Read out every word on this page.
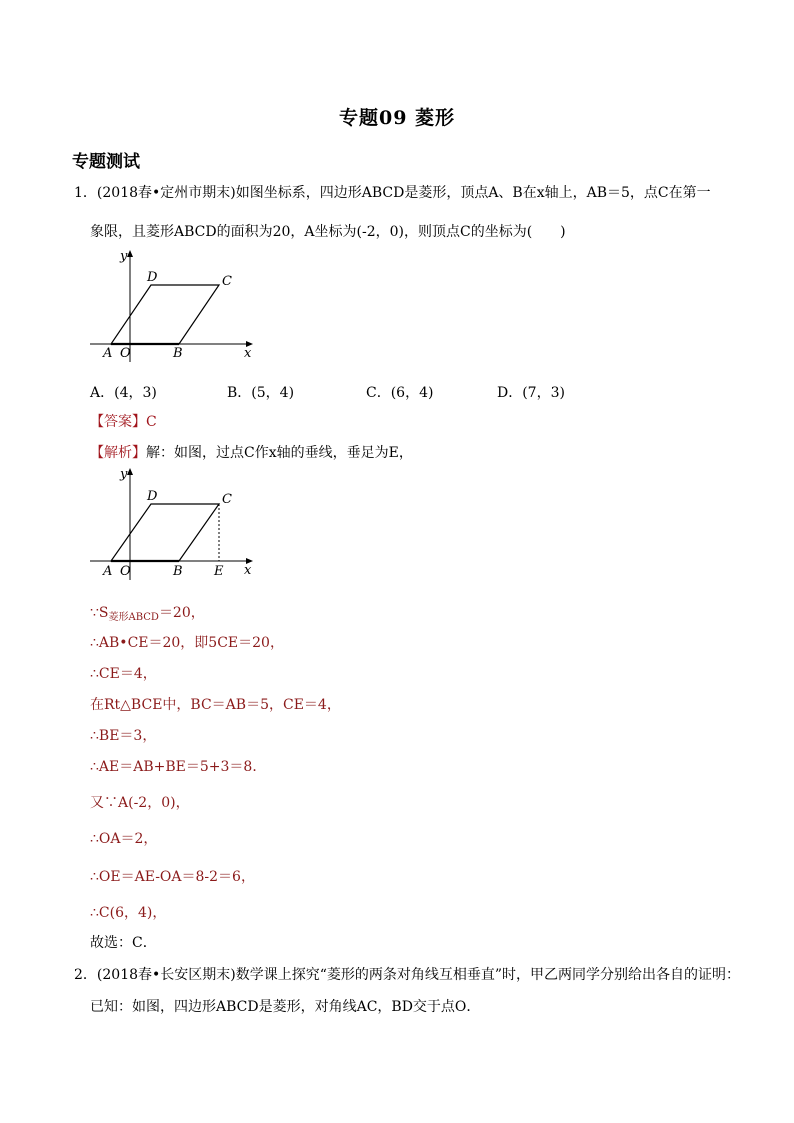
专题09 菱形
专题测试
1．(2018春•定州市期末)如图坐标系，四边形ABCD是菱形，顶点A、B在x轴上，AB＝5，点C在第一
象限，且菱形ABCD的面积为20，A坐标为(-2，0)，则顶点C的坐标为(　　)
y
x
D	C
A O	B
A．(4，3)	B．(5，4)	C．(6，4)	D．(7，3)
【答案】C
【解析】解：如图，过点C作x轴的垂线，垂足为E，
y
x
D	C
A O	B E
$\because S_{菱形ABCD}=20$，
∴AB•CE＝20，即5CE＝20，
∴CE＝4，
在Rt△BCE中，BC＝AB＝5，CE＝4，
∴BE＝3，
∴AE＝AB+BE＝5+3＝8．
又∵A(-2，0)，
∴OA＝2，
∴OE＝AE-OA＝8-2＝6，
∴C(6，4)，
故选：C．
2．(2018春•长安区期末)数学课上探究“菱形的两条对角线互相垂直”时，甲乙两同学分别给出各自的证明：
已知：如图，四边形ABCD是菱形，对角线AC，BD交于点O．
